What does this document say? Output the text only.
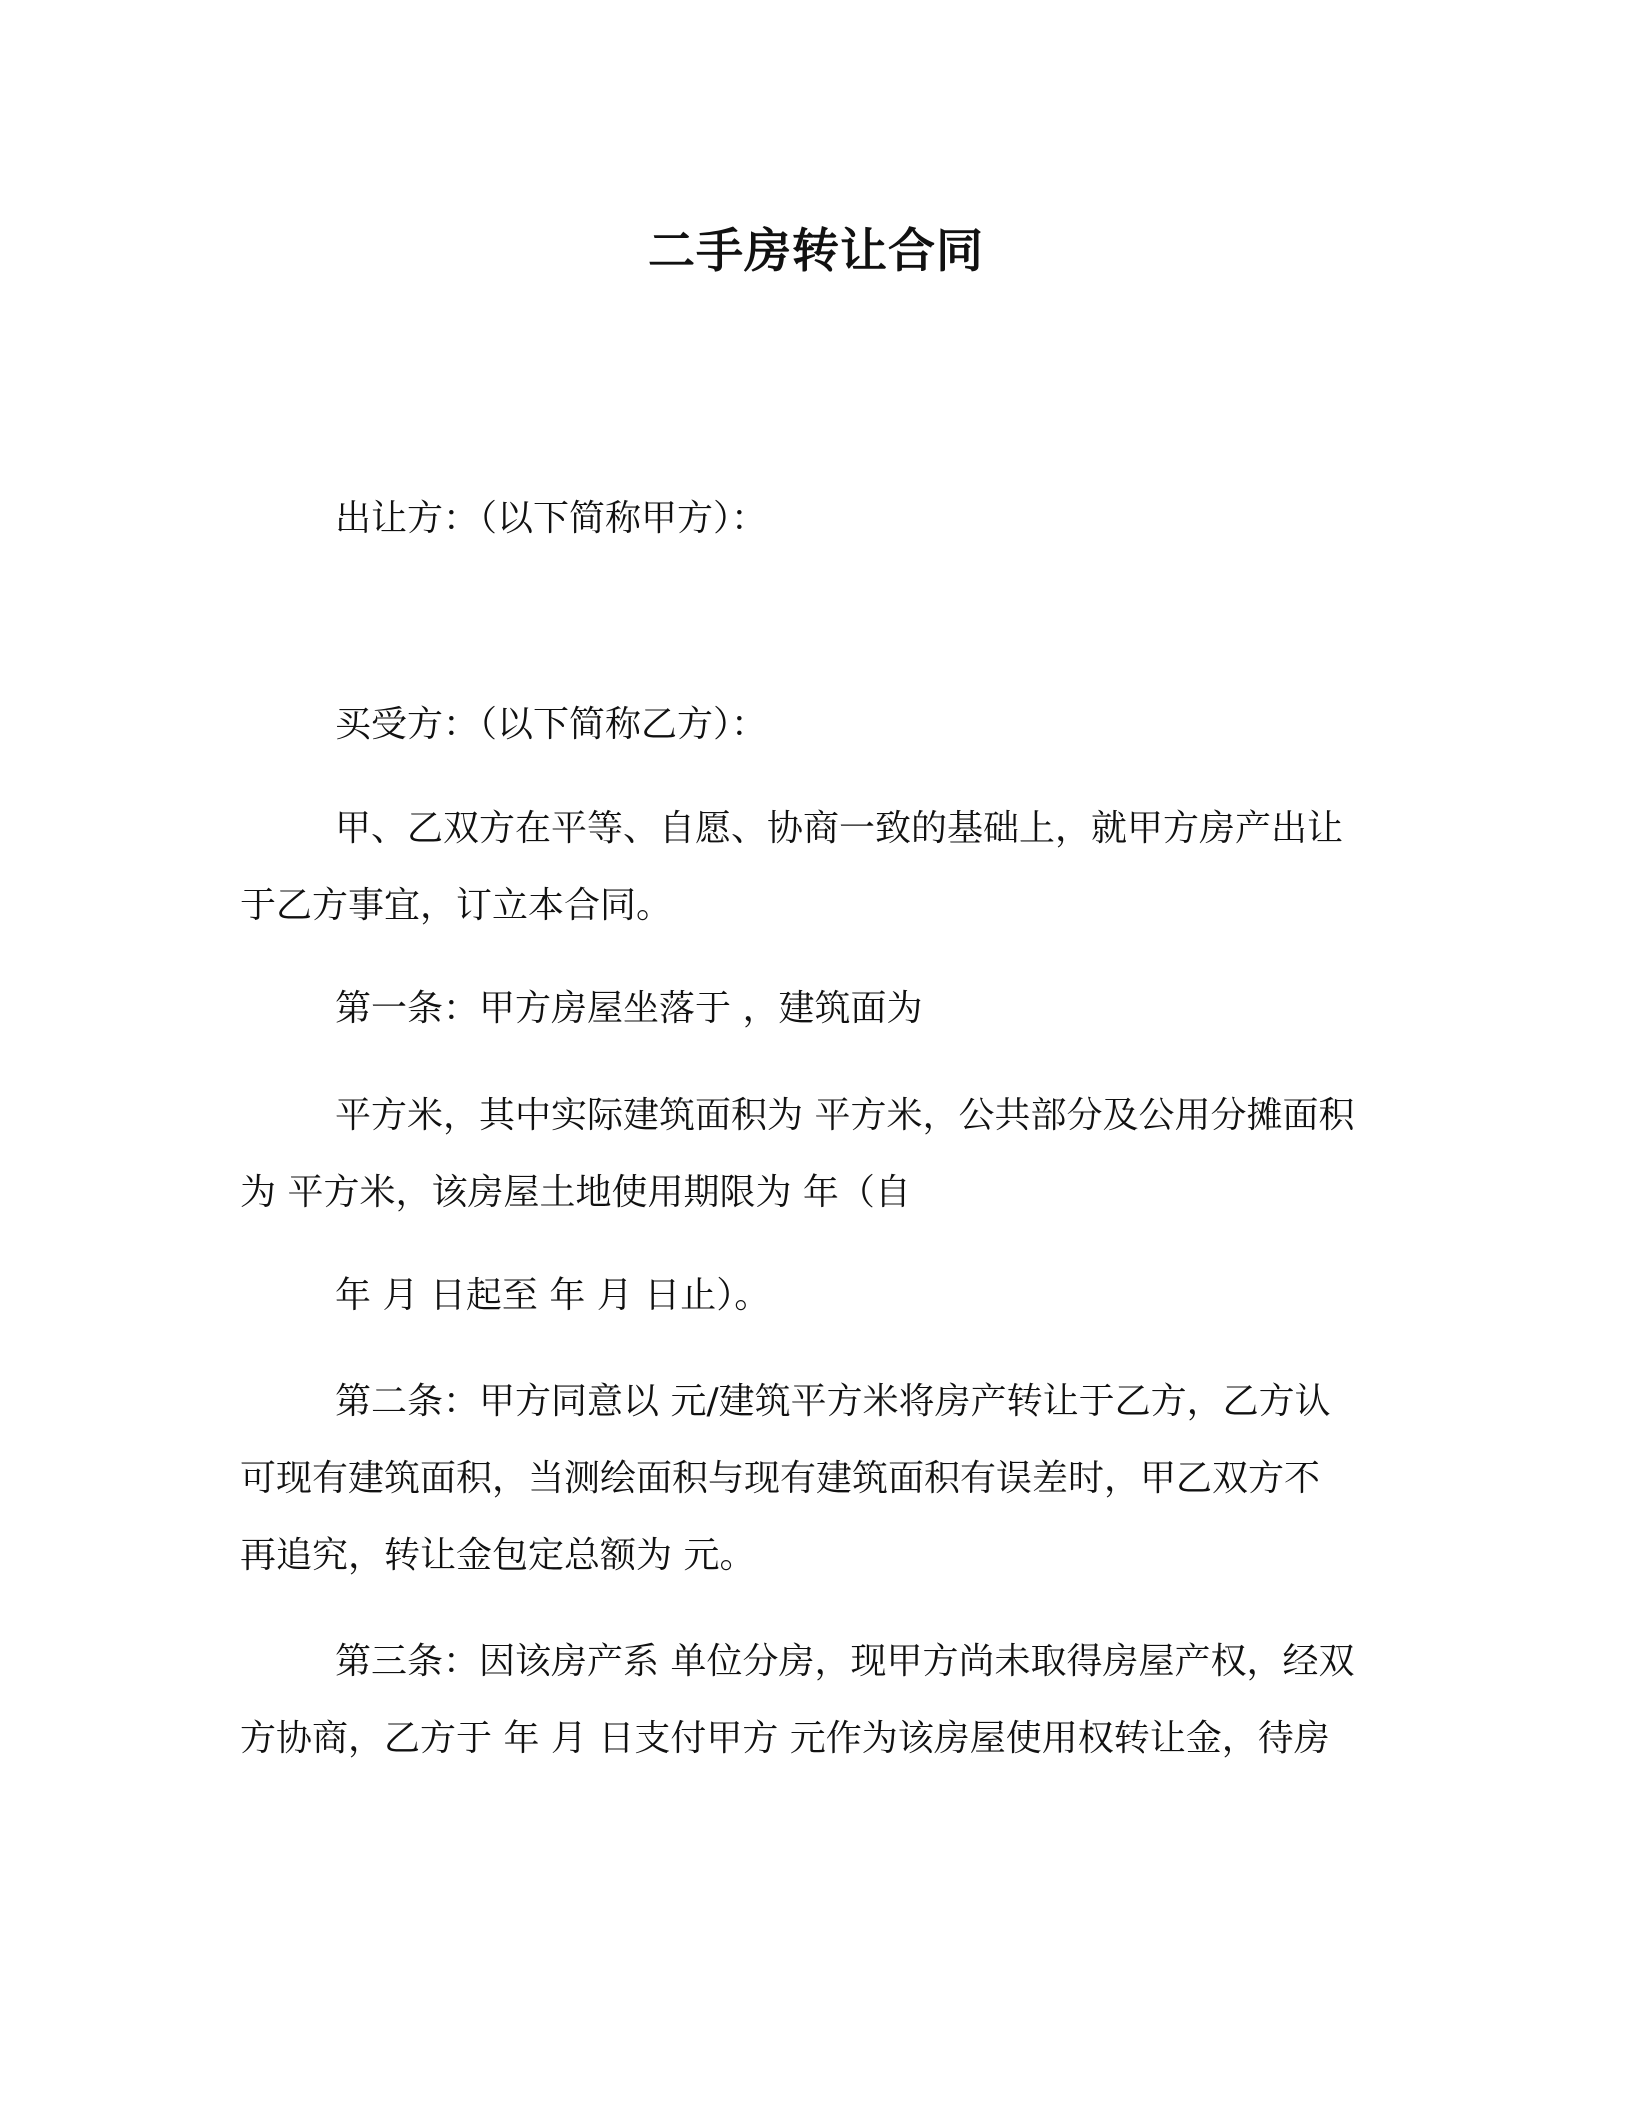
二手房转让合同
出让方：（以下简称甲方）：
买受方：（以下简称乙方）：
甲、乙双方在平等、自愿、协商一致的基础上，就甲方房产出让
于乙方事宜，订立本合同。
第一条：甲方房屋坐落于 ，建筑面为
平方米，其中实际建筑面积为 平方米，公共部分及公用分摊面积
为 平方米，该房屋土地使用期限为 年（自
年 月 日起至 年 月 日止）。
第二条：甲方同意以 元/建筑平方米将房产转让于乙方，乙方认
可现有建筑面积，当测绘面积与现有建筑面积有误差时，甲乙双方不
再追究，转让金包定总额为 元。
第三条：因该房产系 单位分房，现甲方尚未取得房屋产权，经双
方协商，乙方于 年 月 日支付甲方 元作为该房屋使用权转让金，待房
